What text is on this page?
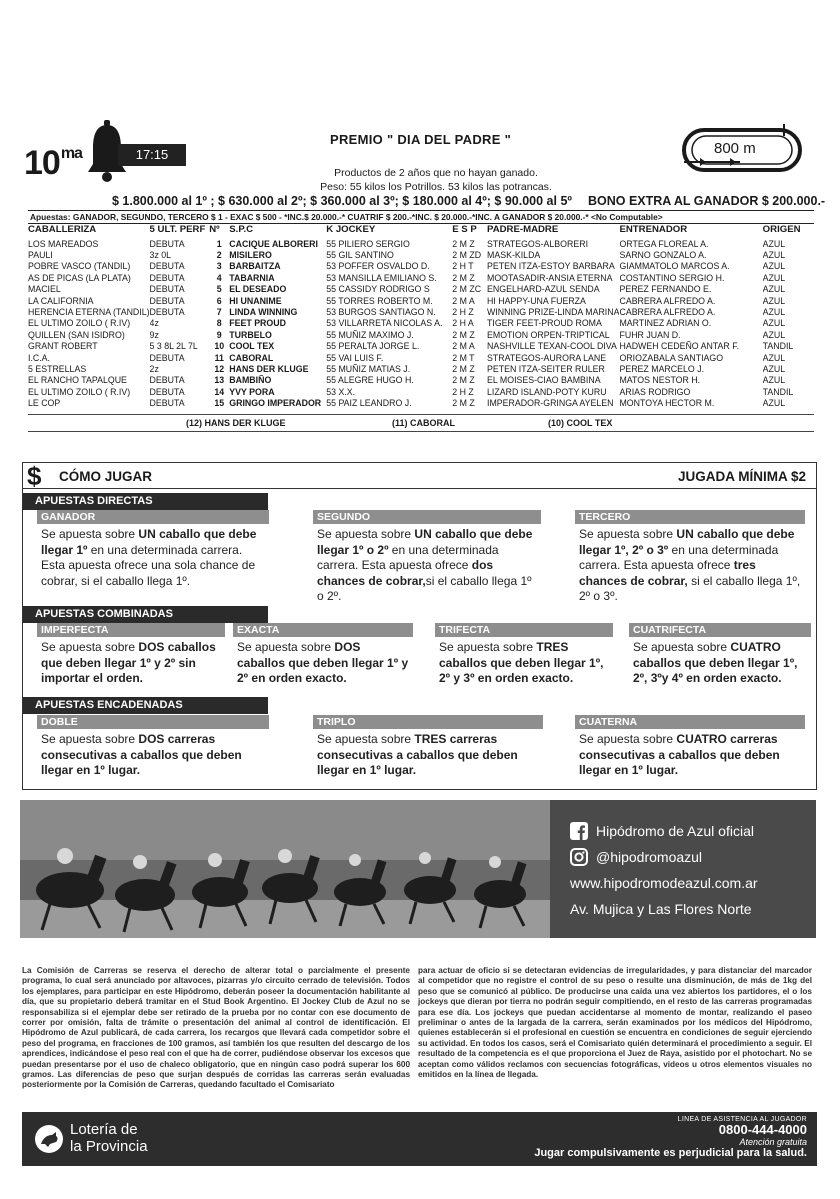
$10^{ma}$	17:15
PREMIO " DIA DEL PADRE "
Productos de 2 años que no hayan ganado.
Peso: 55 kilos los Potrillos. 53 kilos las potrancas.
800 m
$ 1.800.000 al 1º ; $ 630.000 al 2º; $ 360.000 al 3º; $ 180.000 al 4º; $ 90.000 al 5º BONO EXTRA AL GANADOR $ 200.000.-
Apuestas: GANADOR, SEGUNDO, TERCERO $ 1 - EXAC $ 500 - *INC.$ 20.000.-* CUATRIF $ 200.-*INC. $ 20.000.-*INC. A GANADOR $ 20.000.-* <No Computable>
CABALLERIZA	5 ULT. PERF	Nº	S.P.C	K JOCKEY	E S P	PADRE-MADRE	ENTRENADOR	ORIGEN
LOS MAREADOS	DEBUTA	1	CACIQUE ALBORERI	55 PILIERO SERGIO	2 M Z	STRATEGOS-ALBORERI	ORTEGA FLOREAL A.	AZUL
PAULI	3z 0L	2	MISILERO	55 GIL SANTINO	2 M ZD	MASK-KILDA	SARNO GONZALO A.	AZUL
POBRE VASCO (TANDIL)	DEBUTA	3	BARBAITZA	53 POFFER OSVALDO D.	2 H T	PETEN ITZA-ESTOY BARBARA	GIAMMATOLO MARCOS A.	AZUL
AS DE PICAS (LA PLATA)	DEBUTA	4	TABARNIA	53 MANSILLA EMILIANO S.	2 M Z	MOOTASADIR-ANSIA ETERNA	COSTANTINO SERGIO H.	AZUL
MACIEL	DEBUTA	5	EL DESEADO	55 CASSIDY RODRIGO S	2 M ZC	ENGELHARD-AZUL SENDA	PEREZ FERNANDO E.	AZUL
LA CALIFORNIA	DEBUTA	6	HI UNANIME	55 TORRES ROBERTO M.	2 M A	HI HAPPY-UNA FUERZA	CABRERA ALFREDO A.	AZUL
HERENCIA ETERNA (TANDIL)	DEBUTA	7	LINDA WINNING	53 BURGOS SANTIAGO N.	2 H Z	WINNING PRIZE-LINDA MARINA	CABRERA ALFREDO A.	AZUL
EL ULTIMO ZOILO ( R.IV)	4z	8	FEET PROUD	53 VILLARRETA NICOLAS A.	2 H A	TIGER FEET-PROUD ROMA	MARTINEZ ADRIAN O.	AZUL
QUILLEN (SAN ISIDRO)	9z	9	TURBELO	55 MUÑIZ MAXIMO J.	2 M Z	EMOTION ORPEN-TRIPTICAL	FUHR JUAN D.	AZUL
GRANT ROBERT	5 3 8L 2L 7L	10	COOL TEX	55 PERALTA JORGE L.	2 M A	NASHVILLE TEXAN-COOL DIVA	HADWEH CEDEÑO ANTAR F.	TANDIL
I.C.A.	DEBUTA	11	CABORAL	55 VAI LUIS F.	2 M T	STRATEGOS-AURORA LANE	ORIOZABALA SANTIAGO	AZUL
5 ESTRELLAS	2z	12	HANS DER KLUGE	55 MUÑIZ MATIAS J.	2 M Z	PETEN ITZA-SEITER RULER	PEREZ MARCELO J.	AZUL
EL RANCHO TAPALQUE	DEBUTA	13	BAMBIÑO	55 ALEGRE HUGO H.	2 M Z	EL MOISES-CIAO BAMBINA	MATOS NESTOR H.	AZUL
EL ULTIMO ZOILO ( R.IV)	DEBUTA	14	YVY PORA	53 X.X.	2 H Z	LIZARD ISLAND-POTY KURU	ARIAS RODRIGO	TANDIL
LE COP	DEBUTA	15	GRINGO IMPERADOR	55 PAIZ LEANDRO J.	2 M Z	IMPERADOR-GRINGA AYELEN	MONTOYA HECTOR M.	AZUL
(12) HANS DER KLUGE	(11) CABORAL	(10) COOL TEX
$ CÓMO JUGAR	JUGADA MÍNIMA $2
APUESTAS DIRECTAS
APUESTAS COMBINADAS
APUESTAS ENCADENADAS
GANADOR
Se apuesta sobre UN caballo que debe llegar 1º en una determinada carrera. Esta apuesta ofrece una sola chance de cobrar, si el caballo llega 1º.
SEGUNDO
Se apuesta sobre UN caballo que debe llegar 1º o 2º en una determinada carrera. Esta apuesta ofrece dos chances de cobrar,si el caballo llega 1º o 2º.
TERCERO
Se apuesta sobre UN caballo que debe llegar 1º, 2º o 3º en una determinada carrera. Esta apuesta ofrece tres chances de cobrar, si el caballo llega 1º, 2º o 3º.
IMPERFECTA
Se apuesta sobre DOS caballos que deben llegar 1º y 2º sin importar el orden.
EXACTA
Se apuesta sobre DOS caballos que deben llegar 1º y 2º en orden exacto.
TRIFECTA
Se apuesta sobre TRES caballos que deben llegar 1º, 2º y 3º en orden exacto.
CUATRIFECTA
Se apuesta sobre CUATRO caballos que deben llegar 1º, 2º, 3ºy 4º en orden exacto.
DOBLE
Se apuesta sobre DOS carreras consecutivas a caballos que deben llegar en 1º lugar.
TRIPLO
Se apuesta sobre TRES carreras consecutivas a caballos que deben llegar en 1º lugar.
CUATERNA
Se apuesta sobre CUATRO carreras consecutivas a caballos que deben llegar en 1º lugar.
Hipódromo de Azul oficial
@hipodromoazul
www.hipodromodeazul.com.ar
Av. Mujica y Las Flores Norte
La Comisión de Carreras se reserva el derecho de alterar total o parcialmente el presente programa, lo cual será anunciado por altavoces, pizarras y/o circuito cerrado de televisión. Todos los ejemplares, para participar en este Hipódromo, deberán poseer la documentación habilitante al día, que su propietario deberá tramitar en el Stud Book Argentino. El Jockey Club de Azul no se responsabiliza si el ejemplar debe ser retirado de la prueba por no contar con ese documento de correr por omisión, falta de trámite o presentación del animal al control de identificación. El Hipódromo de Azul publicará, de cada carrera, los recargos que llevará cada competidor sobre el peso del programa, en fracciones de 100 gramos, así también los que resulten del descargo de los aprendices, indicándose el peso real con el que ha de correr, pudiéndose observar los excesos que puedan presentarse por el uso de chaleco obligatorio, que en ningún caso podrá superar los 600 gramos. Las diferencias de peso que surjan después de corridas las carreras serán evaluadas posteriormente por la Comisión de Carreras, quedando facultado el Comisariato
para actuar de oficio si se detectaran evidencias de irregularidades, y para distanciar del marcador al competidor que no registre el control de su peso o resulte una disminución, de más de 1kg del peso que se comunicó al público. De producirse una caída una vez abiertos los partidores, el o los jockeys que dieran por tierra no podrán seguir compitiendo, en el resto de las carreras programadas para ese día. Los jockeys que puedan accidentarse al momento de montar, realizando el paseo preliminar o antes de la largada de la carrera, serán examinados por los médicos del Hipódromo, quienes establecerán si el profesional en cuestión se encuentra en condiciones de seguir ejerciendo su actividad. En todos los casos, será el Comisariato quién determinará el procedimiento a seguir. El resultado de la competencia es el que proporciona el Juez de Raya, asistido por el photochart. No se aceptan como válidos reclamos con secuencias fotográficas, videos u otros elementos visuales no emitidos en la línea de llegada.
Lotería de
la Provincia
LINEA DE ASISTENCIA AL JUGADOR
0800-444-4000
Atención gratuita
Jugar compulsivamente es perjudicial para la salud.
